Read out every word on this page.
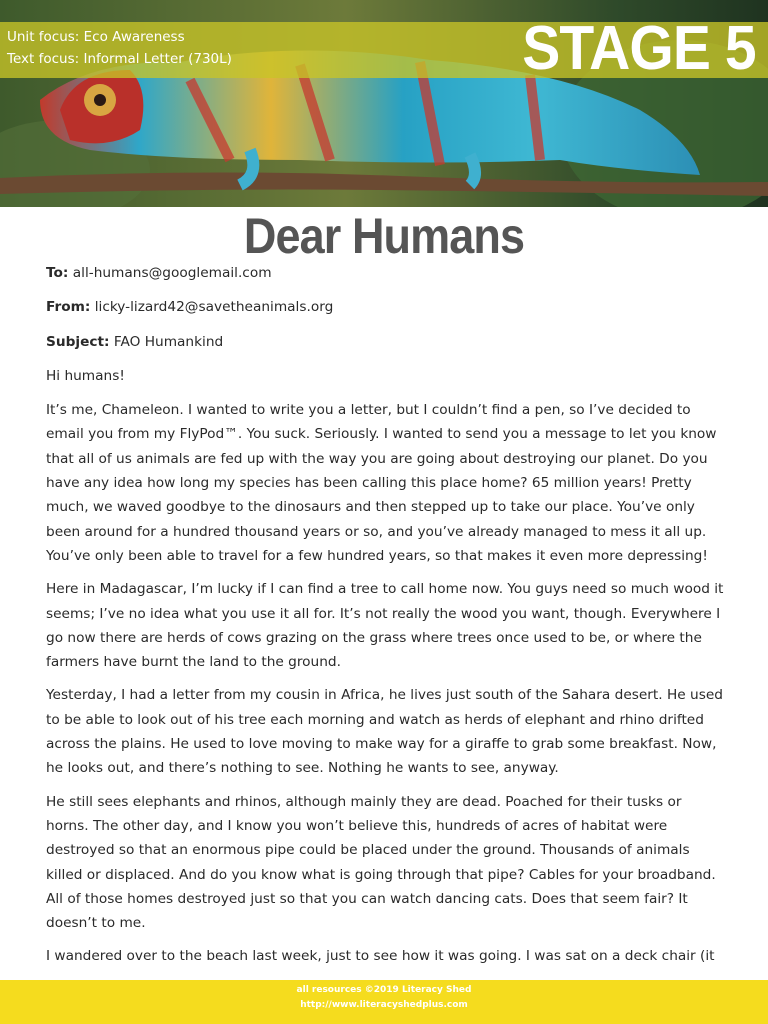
Unit focus: Eco Awareness
Text focus: Informal Letter (730L)	STAGE 5
Dear Humans
To: all-humans@googlemail.com
From: licky-lizard42@savetheanimals.org
Subject: FAO Humankind
Hi humans!
It’s me, Chameleon. I wanted to write you a letter, but I couldn’t find a pen, so I’ve decided to email you from my FlyPod™. You suck. Seriously. I wanted to send you a message to let you know that all of us animals are fed up with the way you are going about destroying our planet. Do you have any idea how long my species has been calling this place home? 65 million years! Pretty much, we waved goodbye to the dinosaurs and then stepped up to take our place. You’ve only been around for a hundred thousand years or so, and you’ve already managed to mess it all up. You’ve only been able to travel for a few hundred years, so that makes it even more depressing!
Here in Madagascar, I’m lucky if I can find a tree to call home now. You guys need so much wood it seems; I’ve no idea what you use it all for. It’s not really the wood you want, though. Everywhere I go now there are herds of cows grazing on the grass where trees once used to be, or where the farmers have burnt the land to the ground.
Yesterday, I had a letter from my cousin in Africa, he lives just south of the Sahara desert. He used to be able to look out of his tree each morning and watch as herds of elephant and rhino drifted across the plains. He used to love moving to make way for a giraffe to grab some breakfast. Now, he looks out, and there’s nothing to see. Nothing he wants to see, anyway.
He still sees elephants and rhinos, although mainly they are dead. Poached for their tusks or horns. The other day, and I know you won’t believe this, hundreds of acres of habitat were destroyed so that an enormous pipe could be placed under the ground. Thousands of animals killed or displaced. And do you know what is going through that pipe? Cables for your broadband. All of those homes destroyed just so that you can watch dancing cats. Does that seem fair? It doesn’t to me.
I wandered over to the beach last week, just to see how it was going. I was sat on a deck chair (it
all resources ©2019 Literacy Shed
http://www.literacyshedplus.com
